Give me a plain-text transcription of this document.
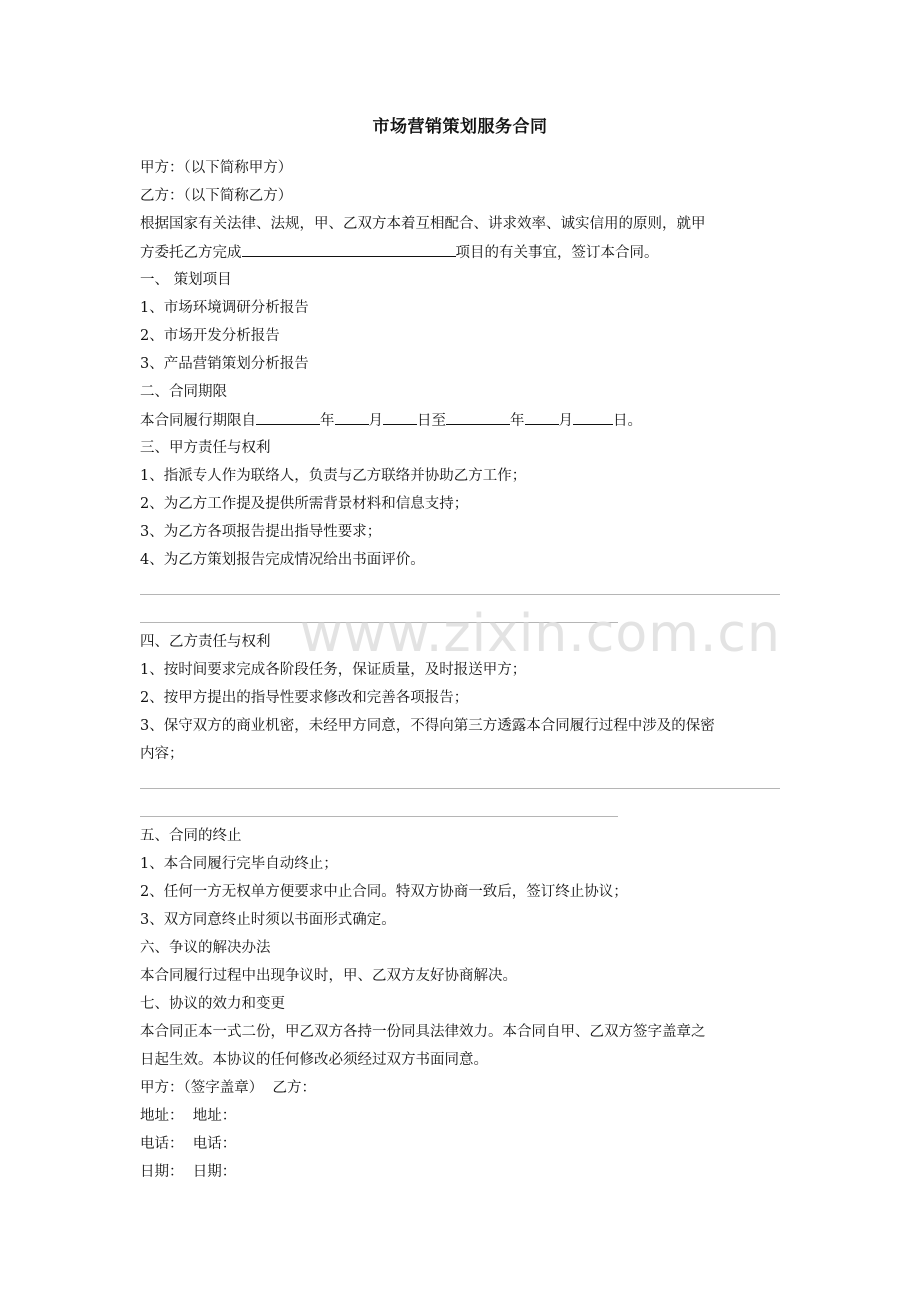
市场营销策划服务合同
甲方：（以下简称甲方）
乙方：（以下简称乙方）
根据国家有关法律、法规，甲、乙双方本着互相配合、讲求效率、诚实信用的原则，就甲
方委托乙方完成	项目的有关事宜，签订本合同。
一、 策划项目
1、市场环境调研分析报告
2、市场开发分析报告
3、产品营销策划分析报告
二、合同期限
本合同履行期限自	年 月 日至	年 月	日。
三、甲方责任与权利
1、指派专人作为联络人，负责与乙方联络并协助乙方工作；
2、为乙方工作提及提供所需背景材料和信息支持；
3、为乙方各项报告提出指导性要求；
4、为乙方策划报告完成情况给出书面评价。
www.zixin.com.cn
四、乙方责任与权利
1、按时间要求完成各阶段任务，保证质量，及时报送甲方；
2、按甲方提出的指导性要求修改和完善各项报告；
3、保守双方的商业机密，未经甲方同意，不得向第三方透露本合同履行过程中涉及的保密
内容；
五、合同的终止
1、本合同履行完毕自动终止；
2、任何一方无权单方便要求中止合同。特双方协商一致后，签订终止协议；
3、双方同意终止时须以书面形式确定。
六、争议的解决办法
本合同履行过程中出现争议时，甲、乙双方友好协商解决。
七、协议的效力和变更
本合同正本一式二份，甲乙双方各持一份同具法律效力。本合同自甲、乙双方签字盖章之
日起生效。本协议的任何修改必须经过双方书面同意。
甲方：（签字盖章）  乙方：
地址：  地址：
电话：  电话：
日期：  日期：
